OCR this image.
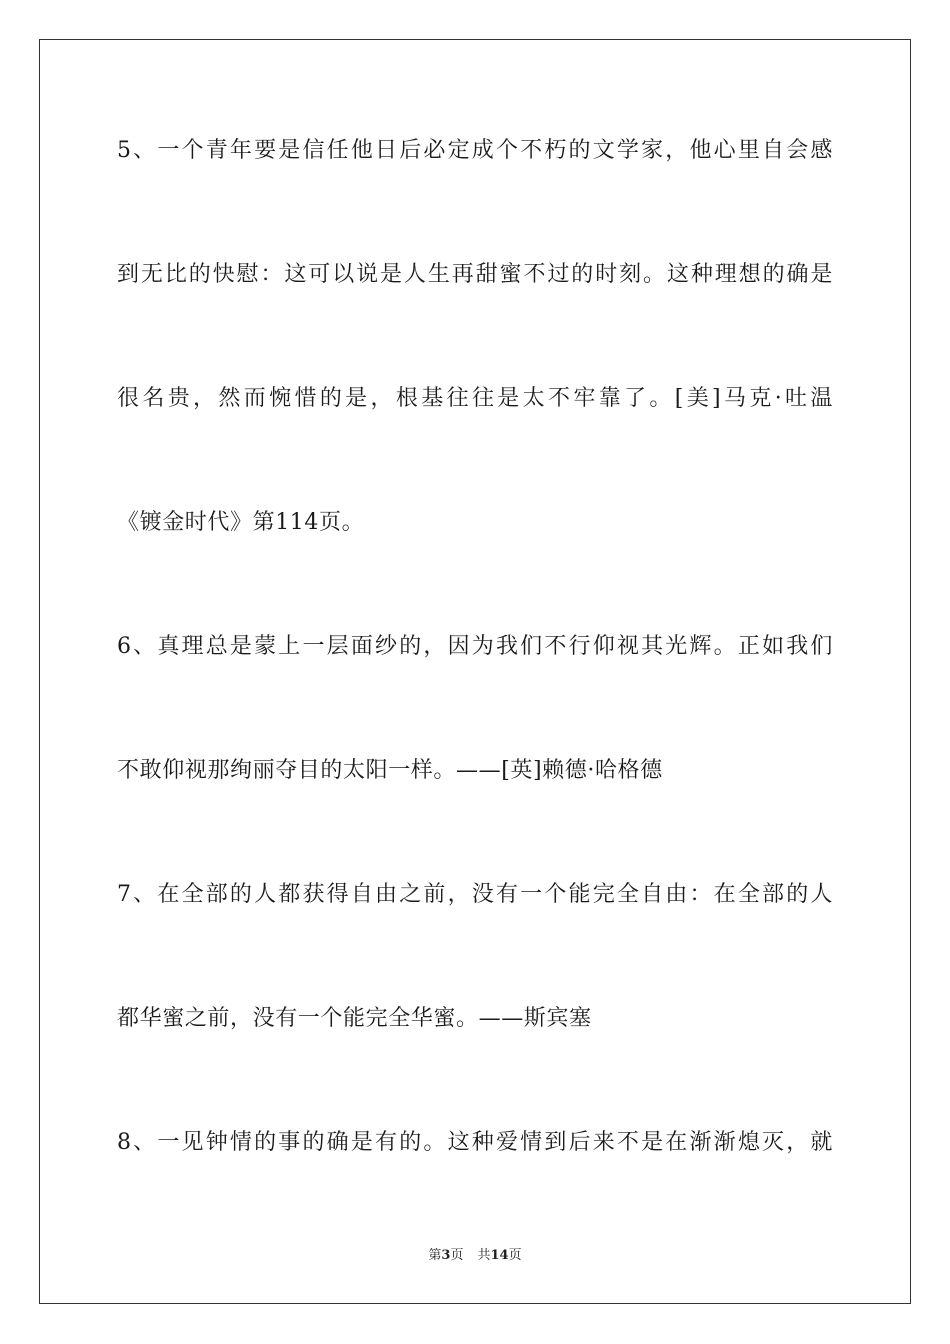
5、一个青年要是信任他日后必定成个不朽的文学家，他心里自会感
到无比的快慰：这可以说是人生再甜蜜不过的时刻。这种理想的确是
很名贵，然而惋惜的是，根基往往是太不牢靠了。[美]马克·吐温
《镀金时代》第114页。
6、真理总是蒙上一层面纱的，因为我们不行仰视其光辉。正如我们
不敢仰视那绚丽夺目的太阳一样。——[英]赖德·哈格德
7、在全部的人都获得自由之前，没有一个能完全自由：在全部的人
都华蜜之前，没有一个能完全华蜜。——斯宾塞
8、一见钟情的事的确是有的。这种爱情到后来不是在渐渐熄灭，就
第3页 共14页
